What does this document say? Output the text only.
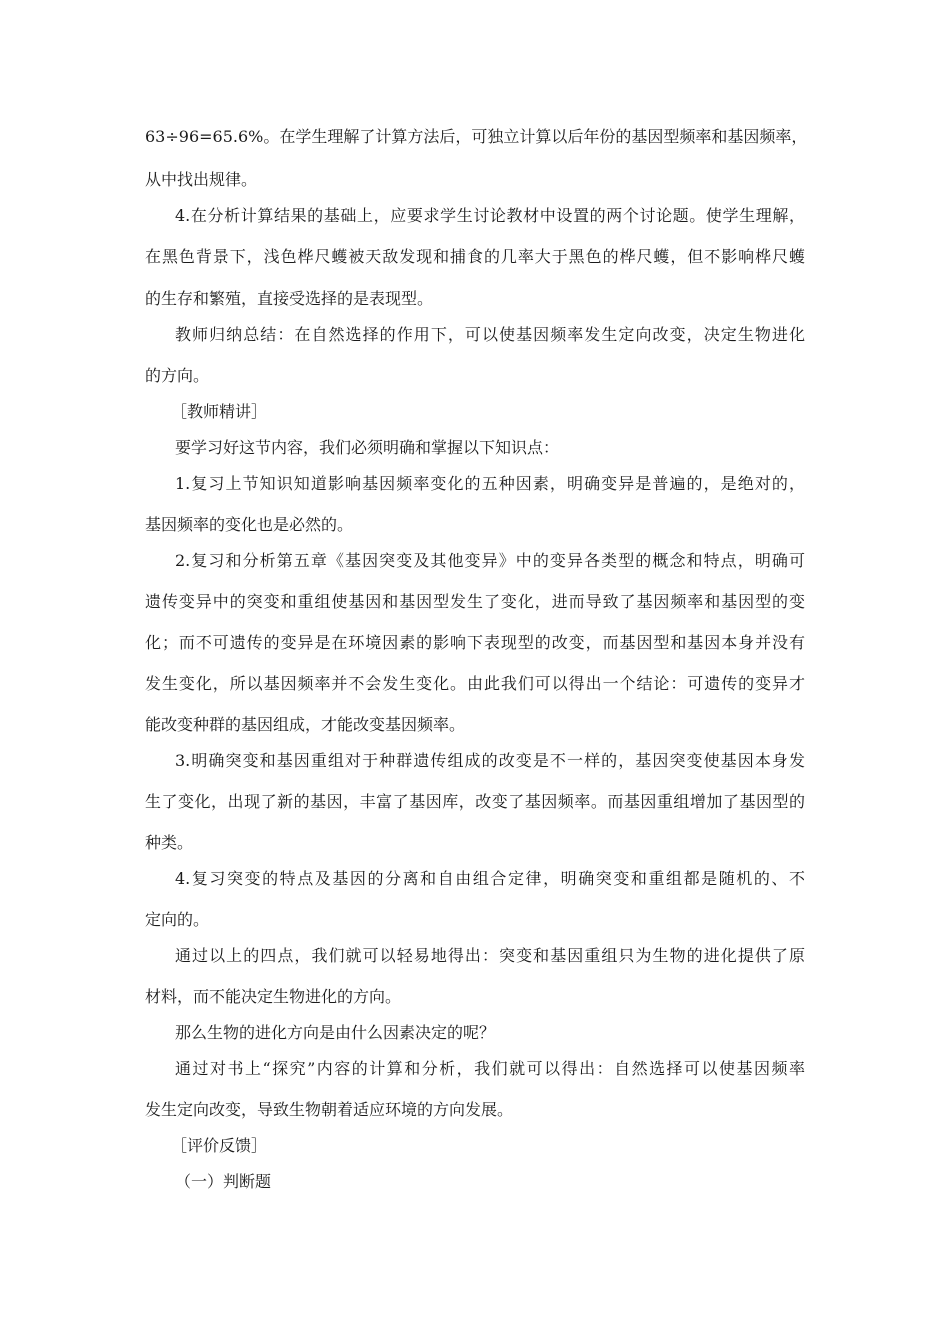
63÷96=65.6%。在学生理解了计算方法后，可独立计算以后年份的基因型频率和基因频率，
从中找出规律。
4.在分析计算结果的基础上，应要求学生讨论教材中设置的两个讨论题。使学生理解，
在黑色背景下，浅色桦尺蠖被天敌发现和捕食的几率大于黑色的桦尺蠖，但不影响桦尺蠖
的生存和繁殖，直接受选择的是表现型。
教师归纳总结：在自然选择的作用下，可以使基因频率发生定向改变，决定生物进化
的方向。
［教师精讲］
要学习好这节内容，我们必须明确和掌握以下知识点：
1.复习上节知识知道影响基因频率变化的五种因素，明确变异是普遍的，是绝对的，
基因频率的变化也是必然的。
2.复习和分析第五章《基因突变及其他变异》中的变异各类型的概念和特点，明确可
遗传变异中的突变和重组使基因和基因型发生了变化，进而导致了基因频率和基因型的变
化；而不可遗传的变异是在环境因素的影响下表现型的改变，而基因型和基因本身并没有
发生变化，所以基因频率并不会发生变化。由此我们可以得出一个结论：可遗传的变异才
能改变种群的基因组成，才能改变基因频率。
3.明确突变和基因重组对于种群遗传组成的改变是不一样的，基因突变使基因本身发
生了变化，出现了新的基因，丰富了基因库，改变了基因频率。而基因重组增加了基因型的
种类。
4.复习突变的特点及基因的分离和自由组合定律，明确突变和重组都是随机的、不
定向的。
通过以上的四点，我们就可以轻易地得出：突变和基因重组只为生物的进化提供了原
材料，而不能决定生物进化的方向。
那么生物的进化方向是由什么因素决定的呢？
通过对书上“探究”内容的计算和分析，我们就可以得出：自然选择可以使基因频率
发生定向改变，导致生物朝着适应环境的方向发展。
［评价反馈］
（一）判断题
